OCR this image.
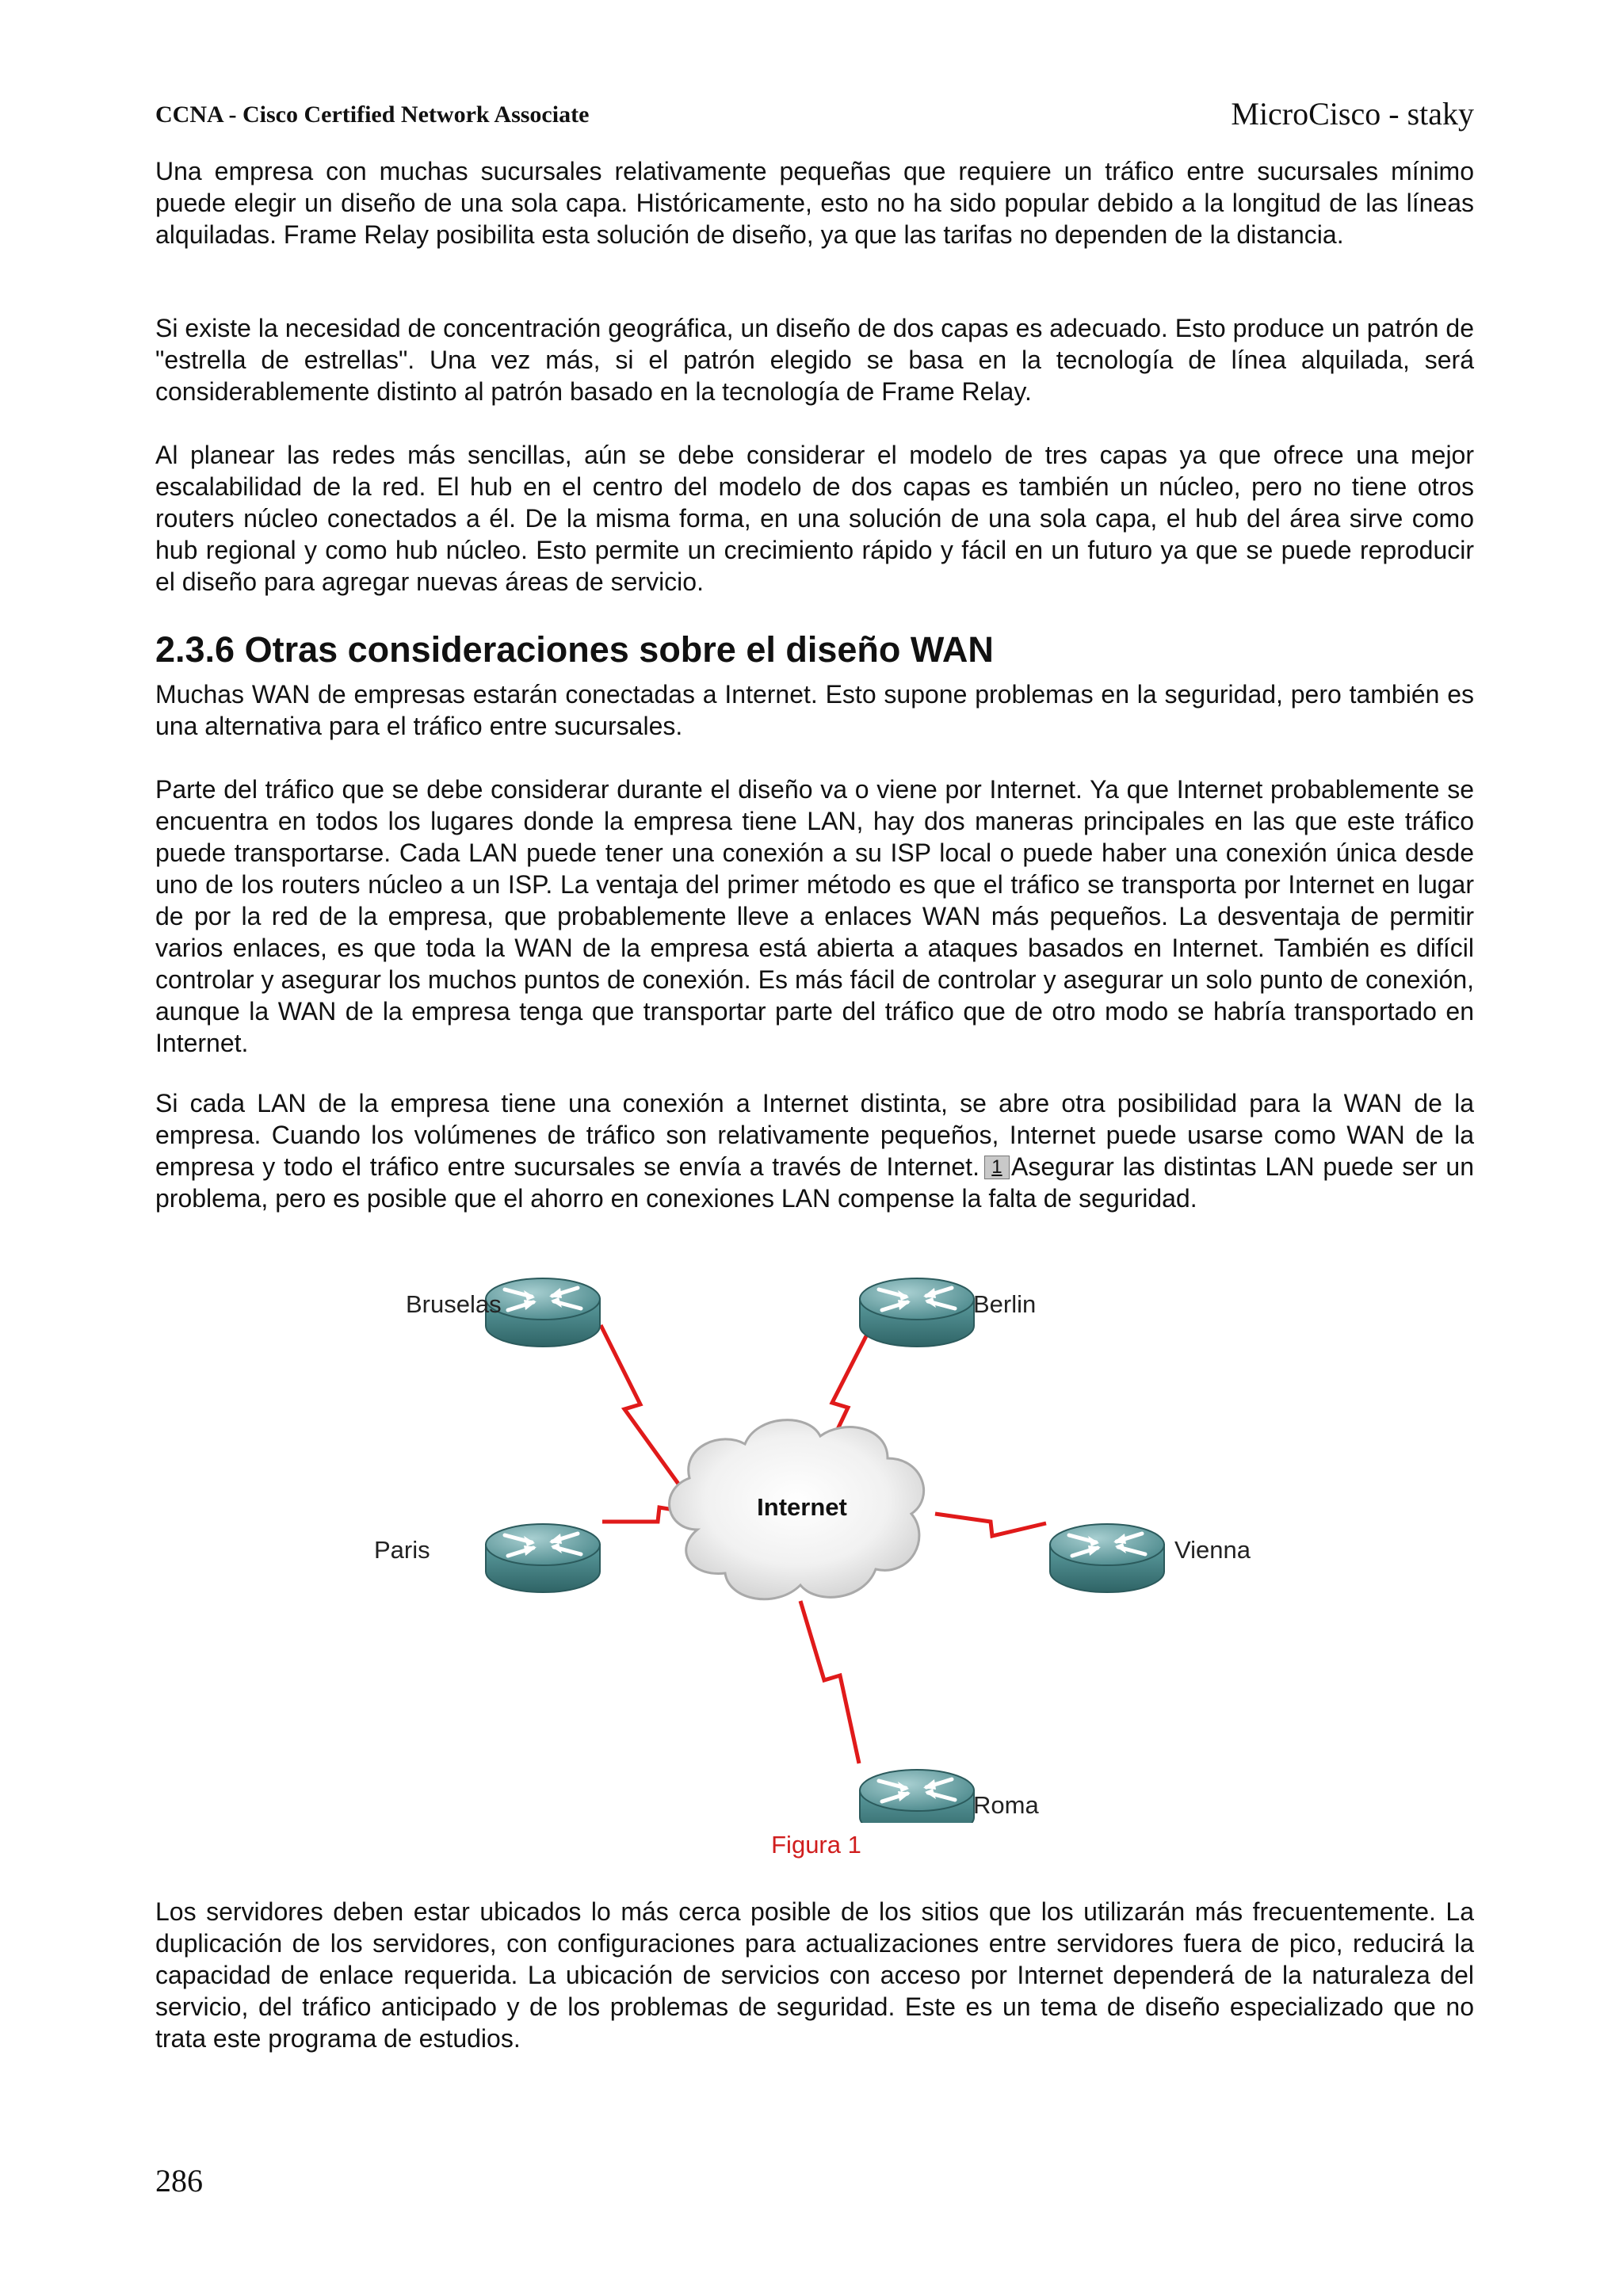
CCNA - Cisco Certified Network Associate	MicroCisco - staky

Una empresa con muchas sucursales relativamente pequeñas que requiere un tráfico entre sucursales mínimo puede elegir un diseño de una sola capa. Históricamente, esto no ha sido popular debido a la longitud de las líneas alquiladas. Frame Relay posibilita esta solución de diseño, ya que las tarifas no dependen de la distancia.

Si existe la necesidad de concentración geográfica, un diseño de dos capas es adecuado. Esto produce un patrón de "estrella de estrellas". Una vez más, si el patrón elegido se basa en la tecnología de línea alquilada, será considerablemente distinto al patrón basado en la tecnología de Frame Relay.

Al planear las redes más sencillas, aún se debe considerar el modelo de tres capas ya que ofrece una mejor escalabilidad de la red. El hub en el centro del modelo de dos capas es también un núcleo, pero no tiene otros routers núcleo conectados a él. De la misma forma, en una solución de una sola capa, el hub del área sirve como hub regional y como hub núcleo. Esto permite un crecimiento rápido y fácil en un futuro ya que se puede reproducir el diseño para agregar nuevas áreas de servicio.

2.3.6 Otras consideraciones sobre el diseño WAN

Muchas WAN de empresas estarán conectadas a Internet. Esto supone problemas en la seguridad, pero también es una alternativa para el tráfico entre sucursales.

Parte del tráfico que se debe considerar durante el diseño va o viene por Internet. Ya que Internet probablemente se encuentra en todos los lugares donde la empresa tiene LAN, hay dos maneras principales en las que este tráfico puede transportarse. Cada LAN puede tener una conexión a su ISP local o puede haber una conexión única desde uno de los routers núcleo a un ISP. La ventaja del primer método es que el tráfico se transporta por Internet en lugar de por la red de la empresa, que probablemente lleve a enlaces WAN más pequeños. La desventaja de permitir varios enlaces, es que toda la WAN de la empresa está abierta a ataques basados en Internet. También es difícil controlar y asegurar los muchos puntos de conexión. Es más fácil de controlar y asegurar un solo punto de conexión, aunque la WAN de la empresa tenga que transportar parte del tráfico que de otro modo se habría transportado en Internet.

Si cada LAN de la empresa tiene una conexión a Internet distinta, se abre otra posibilidad para la WAN de la empresa. Cuando los volúmenes de tráfico son relativamente pequeños, Internet puede usarse como WAN de la empresa y todo el tráfico entre sucursales se envía a través de Internet. 1 Asegurar las distintas LAN puede ser un problema, pero es posible que el ahorro en conexiones LAN compense la falta de seguridad.

Internet
Bruselas	Berlin
Paris	Vienna
Roma
Figura 1

Los servidores deben estar ubicados lo más cerca posible de los sitios que los utilizarán más frecuentemente. La duplicación de los servidores, con configuraciones para actualizaciones entre servidores fuera de pico, reducirá la capacidad de enlace requerida. La ubicación de servicios con acceso por Internet dependerá de la naturaleza del servicio, del tráfico anticipado y de los problemas de seguridad. Este es un tema de diseño especializado que no trata este programa de estudios.

286
